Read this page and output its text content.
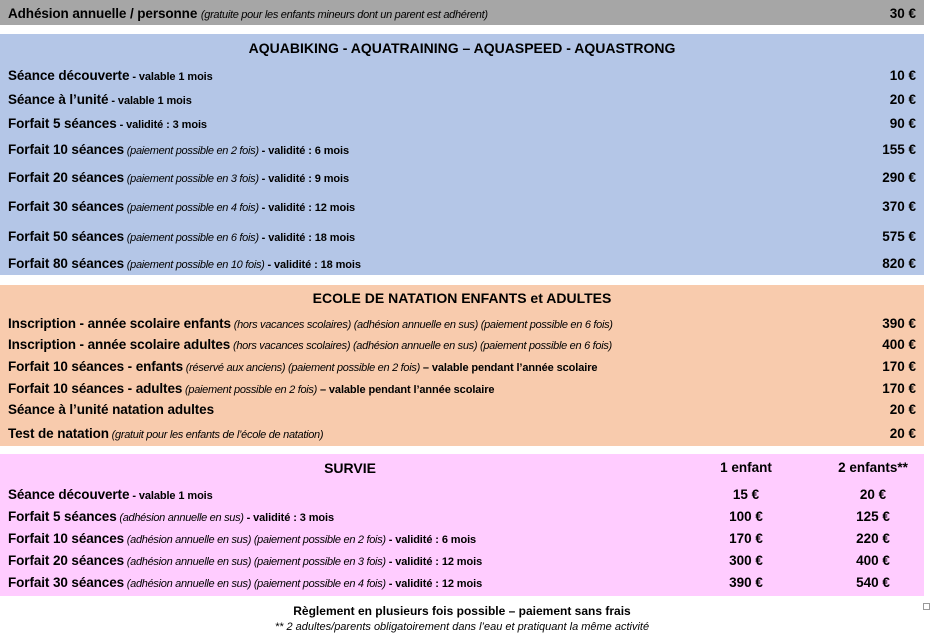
Adhésion annuelle / personne (gratuite pour les enfants mineurs dont un parent est adhérent)	30 €
AQUABIKING - AQUATRAINING – AQUASPEED - AQUASTRONG
Séance découverte - valable 1 mois	10 €
Séance à l’unité - valable 1 mois	20 €
Forfait 5 séances - validité : 3 mois	90 €
Forfait 10 séances (paiement possible en 2 fois) - validité : 6 mois	155 €
Forfait 20 séances (paiement possible en 3 fois) - validité : 9 mois	290 €
Forfait 30 séances (paiement possible en 4 fois) - validité : 12 mois	370 €
Forfait 50 séances (paiement possible en 6 fois) - validité : 18 mois	575 €
Forfait 80 séances (paiement possible en 10 fois) - validité : 18 mois	820 €
ECOLE DE NATATION ENFANTS et ADULTES
Inscription - année scolaire enfants (hors vacances scolaires) (adhésion annuelle en sus) (paiement possible en 6 fois)	390 €
Inscription - année scolaire adultes (hors vacances scolaires) (adhésion annuelle en sus) (paiement possible en 6 fois)	400 €
Forfait 10 séances - enfants (réservé aux anciens) (paiement possible en 2 fois) – valable pendant l’année scolaire	170 €
Forfait 10 séances - adultes (paiement possible en 2 fois) – valable pendant l’année scolaire	170 €
Séance à l’unité natation adultes	20 €
Test de natation (gratuit pour les enfants de l’école de natation)	20 €
SURVIE	1 enfant	2 enfants**
Séance découverte - valable 1 mois	15 €	20 €
Forfait 5 séances (adhésion annuelle en sus) - validité : 3 mois	100 €	125 €
Forfait 10 séances (adhésion annuelle en sus) (paiement possible en 2 fois) - validité : 6 mois	170 €	220 €
Forfait 20 séances (adhésion annuelle en sus) (paiement possible en 3 fois) - validité : 12 mois	300 €	400 €
Forfait 30 séances (adhésion annuelle en sus) (paiement possible en 4 fois) - validité : 12 mois	390 €	540 €
Règlement en plusieurs fois possible – paiement sans frais
** 2 adultes/parents obligatoirement dans l’eau et pratiquant la même activité
